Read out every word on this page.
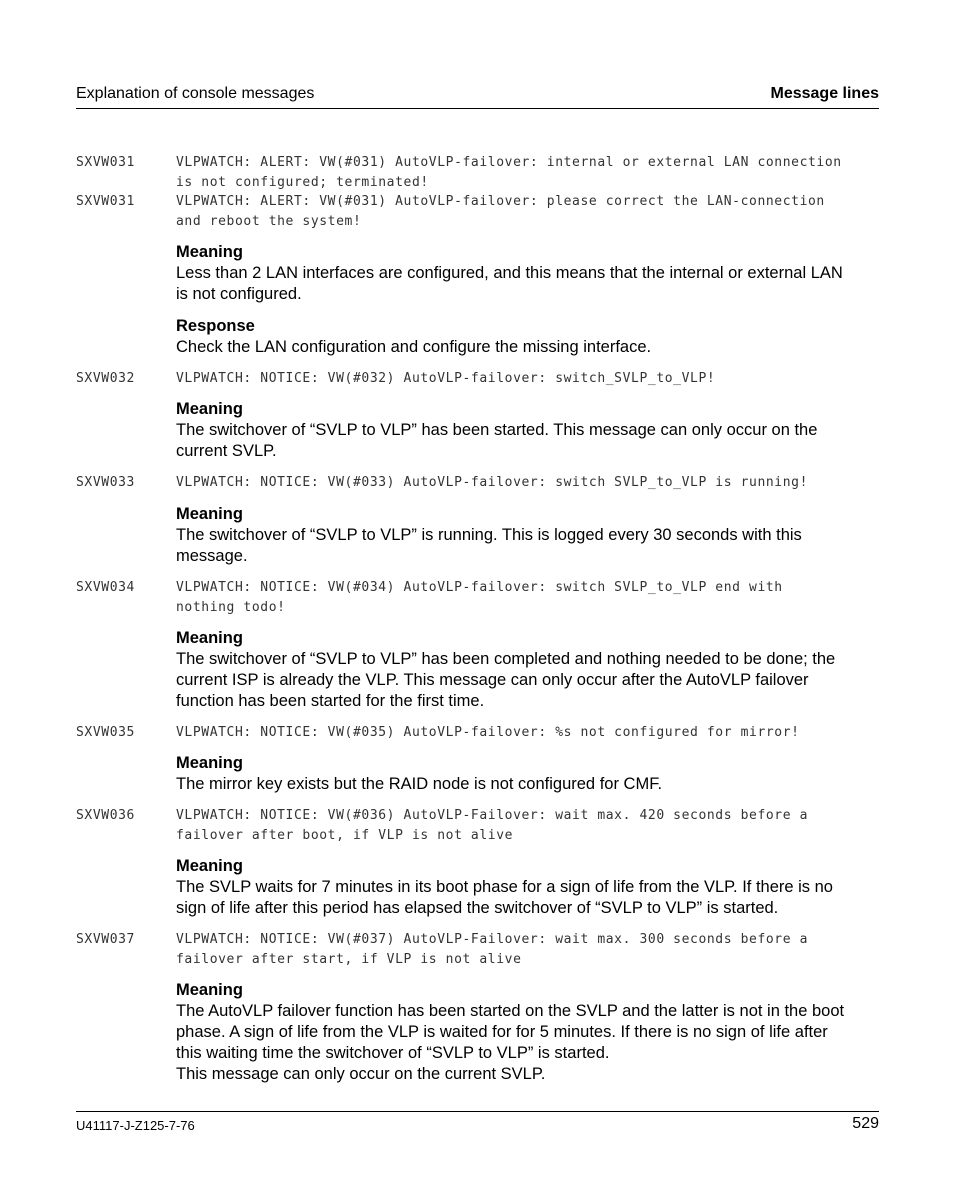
Explanation of console messages	Message lines
SXVW031	VLPWATCH: ALERT: VW(#031) AutoVLP-failover: internal or external LAN connection
is not configured; terminated!
SXVW031	VLPWATCH: ALERT: VW(#031) AutoVLP-failover: please correct the LAN-connection
and reboot the system!
Meaning
Less than 2 LAN interfaces are configured, and this means that the internal or external LAN
is not configured.
Response
Check the LAN configuration and configure the missing interface.
SXVW032	VLPWATCH: NOTICE: VW(#032) AutoVLP-failover: switch_SVLP_to_VLP!
Meaning
The switchover of “SVLP to VLP” has been started. This message can only occur on the
current SVLP.
SXVW033	VLPWATCH: NOTICE: VW(#033) AutoVLP-failover: switch SVLP_to_VLP is running!
Meaning
The switchover of “SVLP to VLP” is running. This is logged every 30 seconds with this
message.
SXVW034	VLPWATCH: NOTICE: VW(#034) AutoVLP-failover: switch SVLP_to_VLP end with
nothing todo!
Meaning
The switchover of “SVLP to VLP” has been completed and nothing needed to be done; the
current ISP is already the VLP. This message can only occur after the AutoVLP failover
function has been started for the first time.
SXVW035	VLPWATCH: NOTICE: VW(#035) AutoVLP-failover: %s not configured for mirror!
Meaning
The mirror key exists but the RAID node is not configured for CMF.
SXVW036	VLPWATCH: NOTICE: VW(#036) AutoVLP-Failover: wait max. 420 seconds before a
failover after boot, if VLP is not alive
Meaning
The SVLP waits for 7 minutes in its boot phase for a sign of life from the VLP. If there is no
sign of life after this period has elapsed the switchover of “SVLP to VLP” is started.
SXVW037	VLPWATCH: NOTICE: VW(#037) AutoVLP-Failover: wait max. 300 seconds before a
failover after start, if VLP is not alive
Meaning
The AutoVLP failover function has been started on the SVLP and the latter is not in the boot
phase. A sign of life from the VLP is waited for for 5 minutes. If there is no sign of life after
this waiting time the switchover of “SVLP to VLP” is started.
This message can only occur on the current SVLP.
U41117-J-Z125-7-76	529
